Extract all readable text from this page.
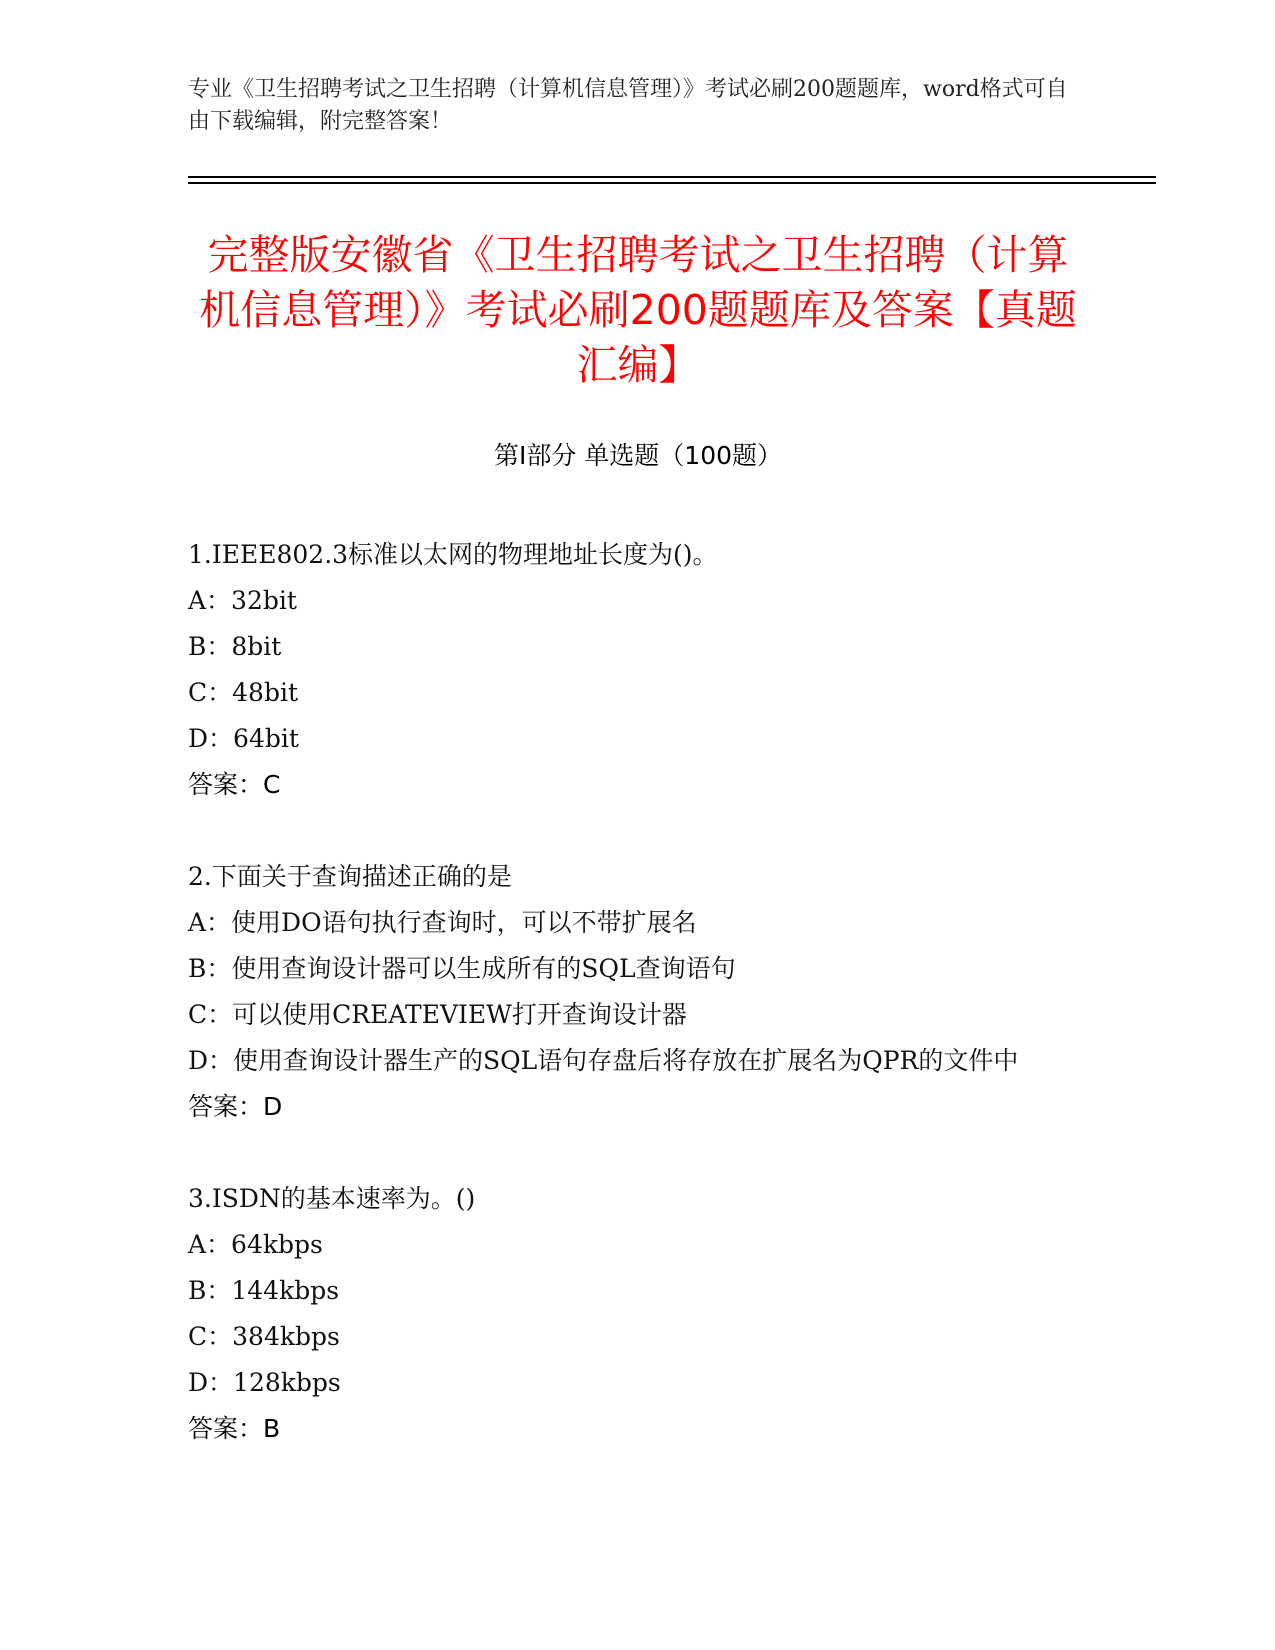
专业《卫生招聘考试之卫生招聘（计算机信息管理）》考试必刷200题题库，word格式可自由下载编辑，附完整答案！

完整版安徽省《卫生招聘考试之卫生招聘（计算机信息管理）》考试必刷200题题库及答案【真题汇编】
第Ⅰ部分 单选题（100题）

1.IEEE802.3标准以太网的物理地址长度为()。

A：32bit

B：8bit

C：48bit

D：64bit

答案：C

2.下面关于查询描述正确的是

A：使用DO语句执行查询时，可以不带扩展名

B：使用查询设计器可以生成所有的SQL查询语句

C：可以使用CREATEVIEW打开查询设计器

D：使用查询设计器生产的SQL语句存盘后将存放在扩展名为QPR的文件中

答案：D

3.ISDN的基本速率为。()

A：64kbps

B：144kbps

C：384kbps

D：128kbps

答案：B
